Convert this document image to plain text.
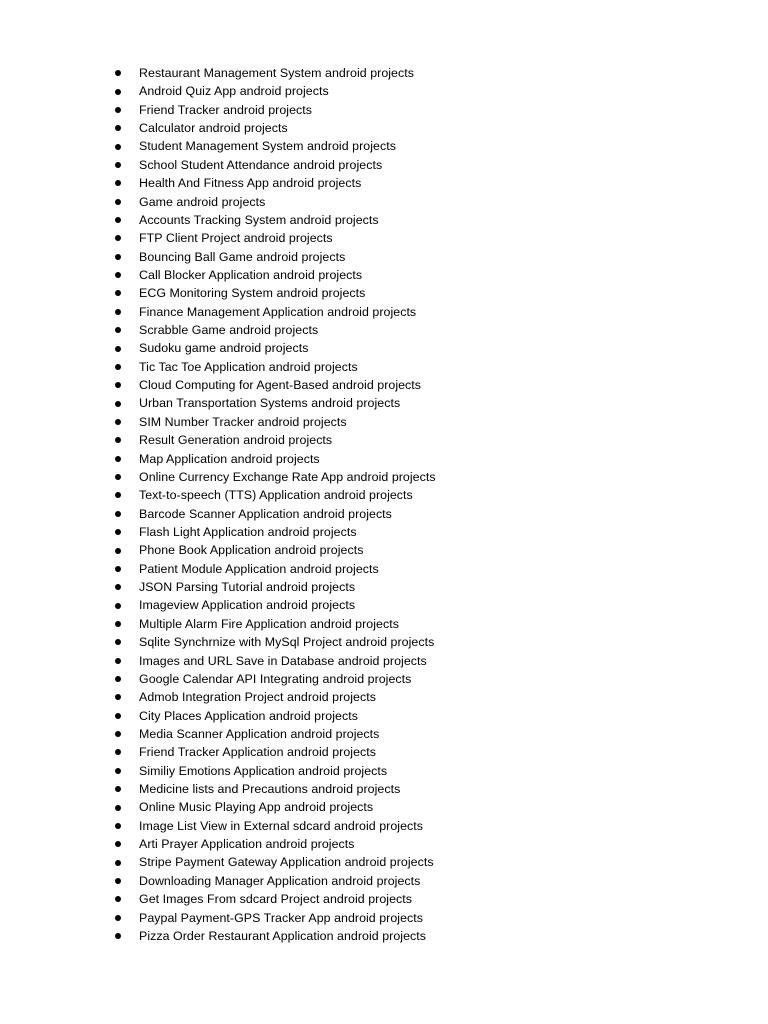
Restaurant Management System android projects
Android Quiz App android projects
Friend Tracker android projects
Calculator android projects
Student Management System android projects
School Student Attendance android projects
Health And Fitness App android projects
Game android projects
Accounts Tracking System android projects
FTP Client Project android projects
Bouncing Ball Game android projects
Call Blocker Application android projects
ECG Monitoring System android projects
Finance Management Application android projects
Scrabble Game android projects
Sudoku game android projects
Tic Tac Toe Application android projects
Cloud Computing for Agent-Based android projects
Urban Transportation Systems android projects
SIM Number Tracker android projects
Result Generation android projects
Map Application android projects
Online Currency Exchange Rate App android projects
Text-to-speech (TTS) Application android projects
Barcode Scanner Application android projects
Flash Light Application android projects
Phone Book Application android projects
Patient Module Application android projects
JSON Parsing Tutorial android projects
Imageview Application android projects
Multiple Alarm Fire Application android projects
Sqlite Synchrnize with MySql Project android projects
Images and URL Save in Database android projects
Google Calendar API Integrating android projects
Admob Integration Project android projects
City Places Application android projects
Media Scanner Application android projects
Friend Tracker Application android projects
Similiy Emotions Application android projects
Medicine lists and Precautions android projects
Online Music Playing App android projects
Image List View in External sdcard android projects
Arti Prayer Application android projects
Stripe Payment Gateway Application android projects
Downloading Manager Application android projects
Get Images From sdcard Project android projects
Paypal Payment-GPS Tracker App android projects
Pizza Order Restaurant Application android projects
